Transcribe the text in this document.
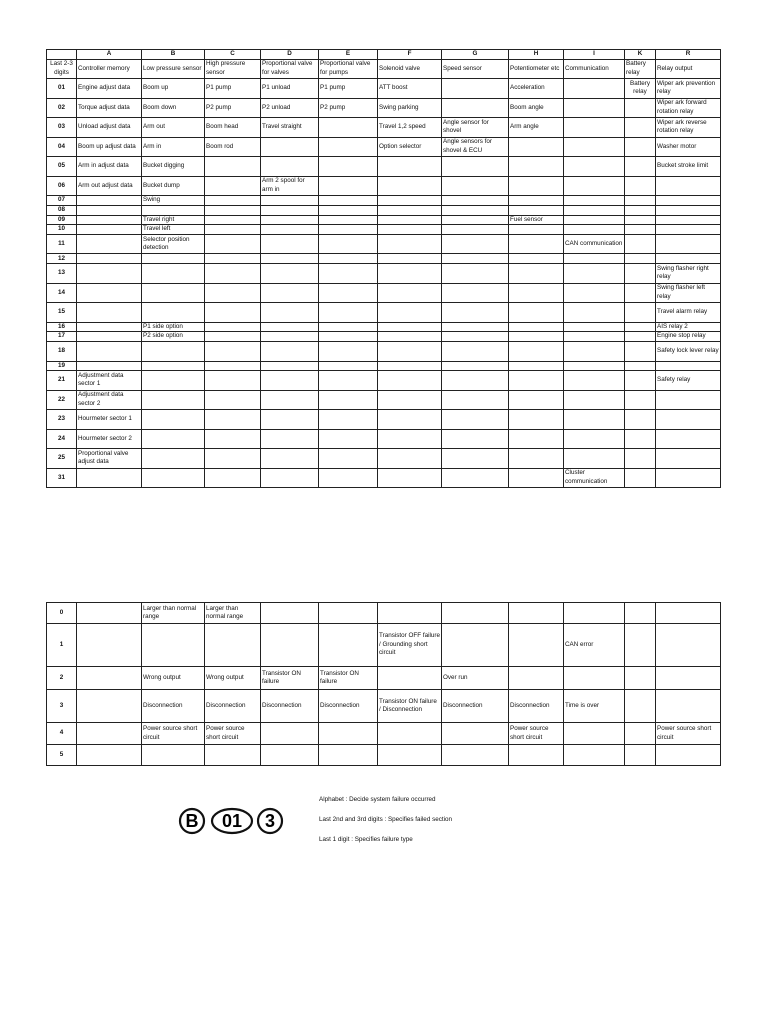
	A	B	C	D	E	F	G	H	I	K	R
Last 2-3 digits	Controller memory	Low pressure sensor	High pressure sensor	Proportional valve for valves	Proportional valve for pumps	Solenoid valve	Speed sensor	Potentiometer etc	Communication	Battery relay	Relay output
01	Engine adjust data	Boom up	P1 pump	P1 unload	P1 pump	ATT boost		Acceleration		Battery relay	Wiper ark prevention relay
02	Torque adjust data	Boom down	P2 pump	P2 unload	P2 pump	Swing parking		Boom angle			Wiper ark forward rotation relay
03	Unload adjust data	Arm out	Boom head	Travel straight		Travel 1,2 speed	Angle sensor for shovel	Arm angle			Wiper ark reverse rotation relay
04	Boom up adjust data	Arm in	Boom rod			Option selector	Angle sensors for shovel & ECU				Washer motor
05	Arm in adjust data	Bucket digging									Bucket stroke limit
06	Arm out adjust data	Bucket dump		Arm 2 spool for arm in							
07		Swing									
08											
09		Travel right						Fuel sensor			
10		Travel left									
11		Selector position detection							CAN communication		
12											
13											Swing flasher right relay
14											Swing flasher left relay
15											Travel alarm relay
16		P1 side option									AIS relay 2
17		P2 side option									Engine stop relay
18											Safety lock lever relay
19											
21	Adjustment data sector 1										Safety relay
22	Adjustment data sector 2										
23	Hourmeter sector 1										
24	Hourmeter sector 2										
25	Proportional valve adjust data										
31									Cluster communication		
0		Larger than normal range	Larger than normal range								
1						Transistor OFF failure / Grounding short circuit			CAN error		
2		Wrong output	Wrong output	Transistor ON failure	Transistor ON failure		Over run				
3		Disconnection	Disconnection	Disconnection	Disconnection	Transistor ON failure / Disconnection	Disconnection	Disconnection	Time is over		
4		Power source short circuit	Power source short circuit					Power source short circuit			Power source short circuit
5											
B 01 3
Alphabet : Decide system failure occurred
Last 2nd and 3rd digits : Specifies failed section
Last 1 digit : Specifies failure type
